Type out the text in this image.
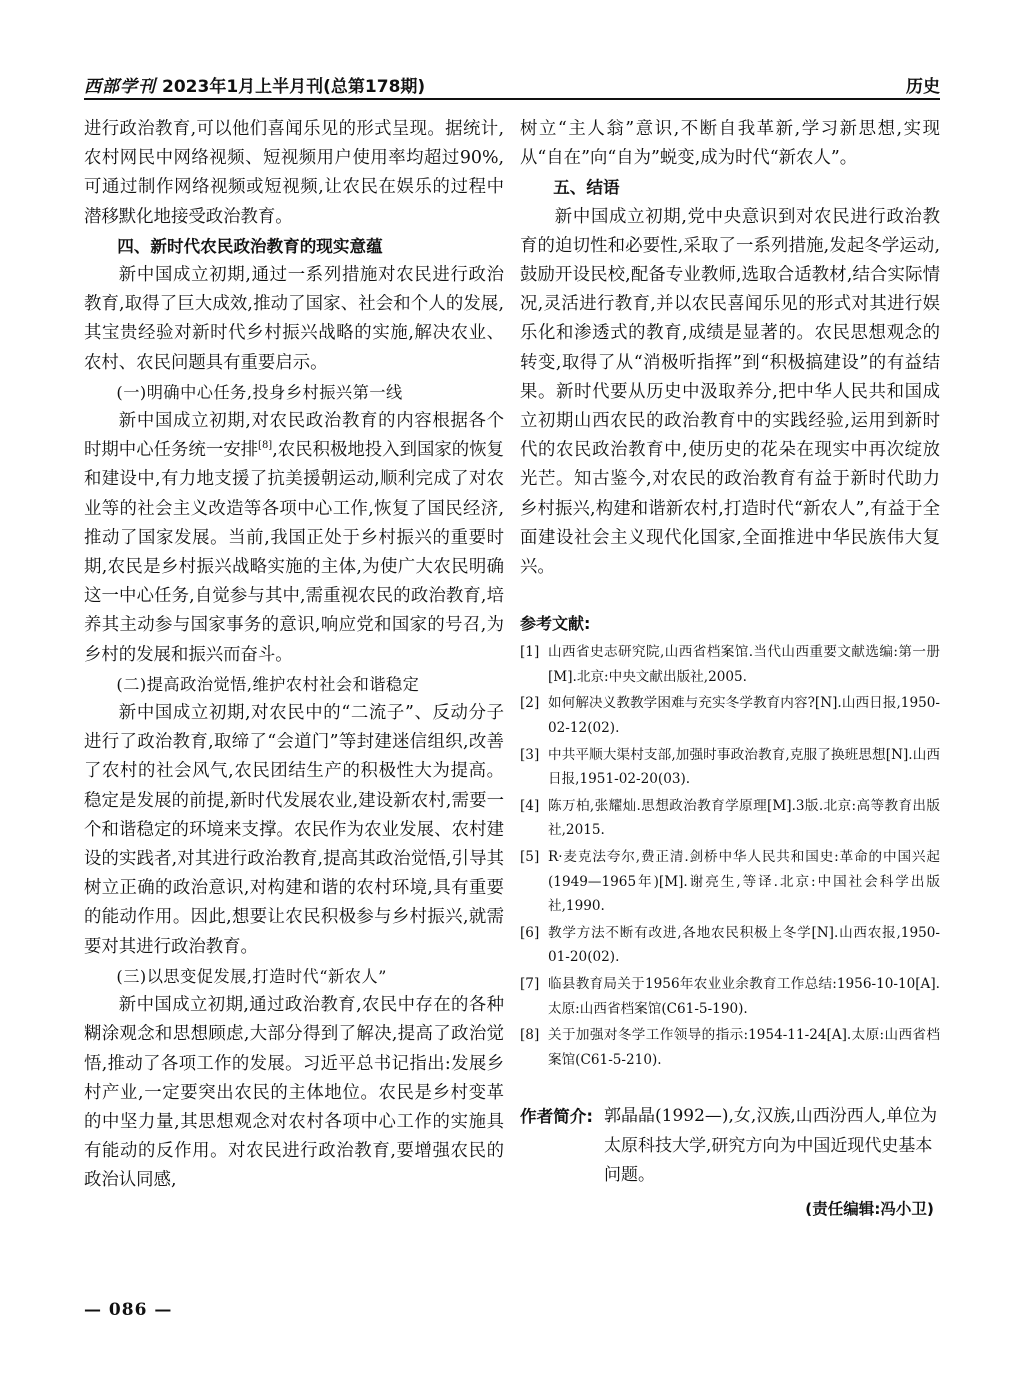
西部学刊 2023年1月上半月刊(总第178期)	历史

进行政治教育,可以他们喜闻乐见的形式呈现。据统计,农村网民中网络视频、短视频用户使用率均超过90%,可通过制作网络视频或短视频,让农民在娱乐的过程中潜移默化地接受政治教育。

四、新时代农民政治教育的现实意蕴

新中国成立初期,通过一系列措施对农民进行政治教育,取得了巨大成效,推动了国家、社会和个人的发展,其宝贵经验对新时代乡村振兴战略的实施,解决农业、农村、农民问题具有重要启示。

(一)明确中心任务,投身乡村振兴第一线

新中国成立初期,对农民政治教育的内容根据各个时期中心任务统一安排[8],农民积极地投入到国家的恢复和建设中,有力地支援了抗美援朝运动,顺利完成了对农业等的社会主义改造等各项中心工作,恢复了国民经济,推动了国家发展。当前,我国正处于乡村振兴的重要时期,农民是乡村振兴战略实施的主体,为使广大农民明确这一中心任务,自觉参与其中,需重视农民的政治教育,培养其主动参与国家事务的意识,响应党和国家的号召,为乡村的发展和振兴而奋斗。

(二)提高政治觉悟,维护农村社会和谐稳定

新中国成立初期,对农民中的“二流子”、反动分子进行了政治教育,取缔了“会道门”等封建迷信组织,改善了农村的社会风气,农民团结生产的积极性大为提高。稳定是发展的前提,新时代发展农业,建设新农村,需要一个和谐稳定的环境来支撑。农民作为农业发展、农村建设的实践者,对其进行政治教育,提高其政治觉悟,引导其树立正确的政治意识,对构建和谐的农村环境,具有重要的能动作用。因此,想要让农民积极参与乡村振兴,就需要对其进行政治教育。

(三)以思变促发展,打造时代“新农人”

新中国成立初期,通过政治教育,农民中存在的各种糊涂观念和思想顾虑,大部分得到了解决,提高了政治觉悟,推动了各项工作的发展。习近平总书记指出:发展乡村产业,一定要突出农民的主体地位。农民是乡村变革的中坚力量,其思想观念对农村各项中心工作的实施具有能动的反作用。对农民进行政治教育,要增强农民的政治认同感,

树立“主人翁”意识,不断自我革新,学习新思想,实现从“自在”向“自为”蜕变,成为时代“新农人”。

五、结语

新中国成立初期,党中央意识到对农民进行政治教育的迫切性和必要性,采取了一系列措施,发起冬学运动,鼓励开设民校,配备专业教师,选取合适教材,结合实际情况,灵活进行教育,并以农民喜闻乐见的形式对其进行娱乐化和渗透式的教育,成绩是显著的。农民思想观念的转变,取得了从“消极听指挥”到“积极搞建设”的有益结果。新时代要从历史中汲取养分,把中华人民共和国成立初期山西农民的政治教育中的实践经验,运用到新时代的农民政治教育中,使历史的花朵在现实中再次绽放光芒。知古鉴今,对农民的政治教育有益于新时代助力乡村振兴,构建和谐新农村,打造时代“新农人”,有益于全面建设社会主义现代化国家,全面推进中华民族伟大复兴。

参考文献:

[1] 山西省史志研究院,山西省档案馆.当代山西重要文献选编:第一册[M].北京:中央文献出版社,2005.
[2] 如何解决义教教学困难与充实冬学教育内容?[N].山西日报,1950-02-12(02).
[3] 中共平顺大渠村支部,加强时事政治教育,克服了换班思想[N].山西日报,1951-02-20(03).
[4] 陈万柏,张耀灿.思想政治教育学原理[M].3版.北京:高等教育出版社,2015.
[5] R·麦克法夸尔,费正清.剑桥中华人民共和国史:革命的中国兴起(1949—1965年)[M].谢亮生,等译.北京:中国社会科学出版社,1990.
[6] 教学方法不断有改进,各地农民积极上冬学[N].山西农报,1950-01-20(02).
[7] 临县教育局关于1956年农业业余教育工作总结:1956-10-10[A].太原:山西省档案馆(C61-5-190).
[8] 关于加强对冬学工作领导的指示:1954-11-24[A].太原:山西省档案馆(C61-5-210).
作者简介: 郭晶晶(1992—),女,汉族,山西汾西人,单位为太原科技大学,研究方向为中国近现代史基本问题。

(责任编辑:冯小卫)

— 086 —
